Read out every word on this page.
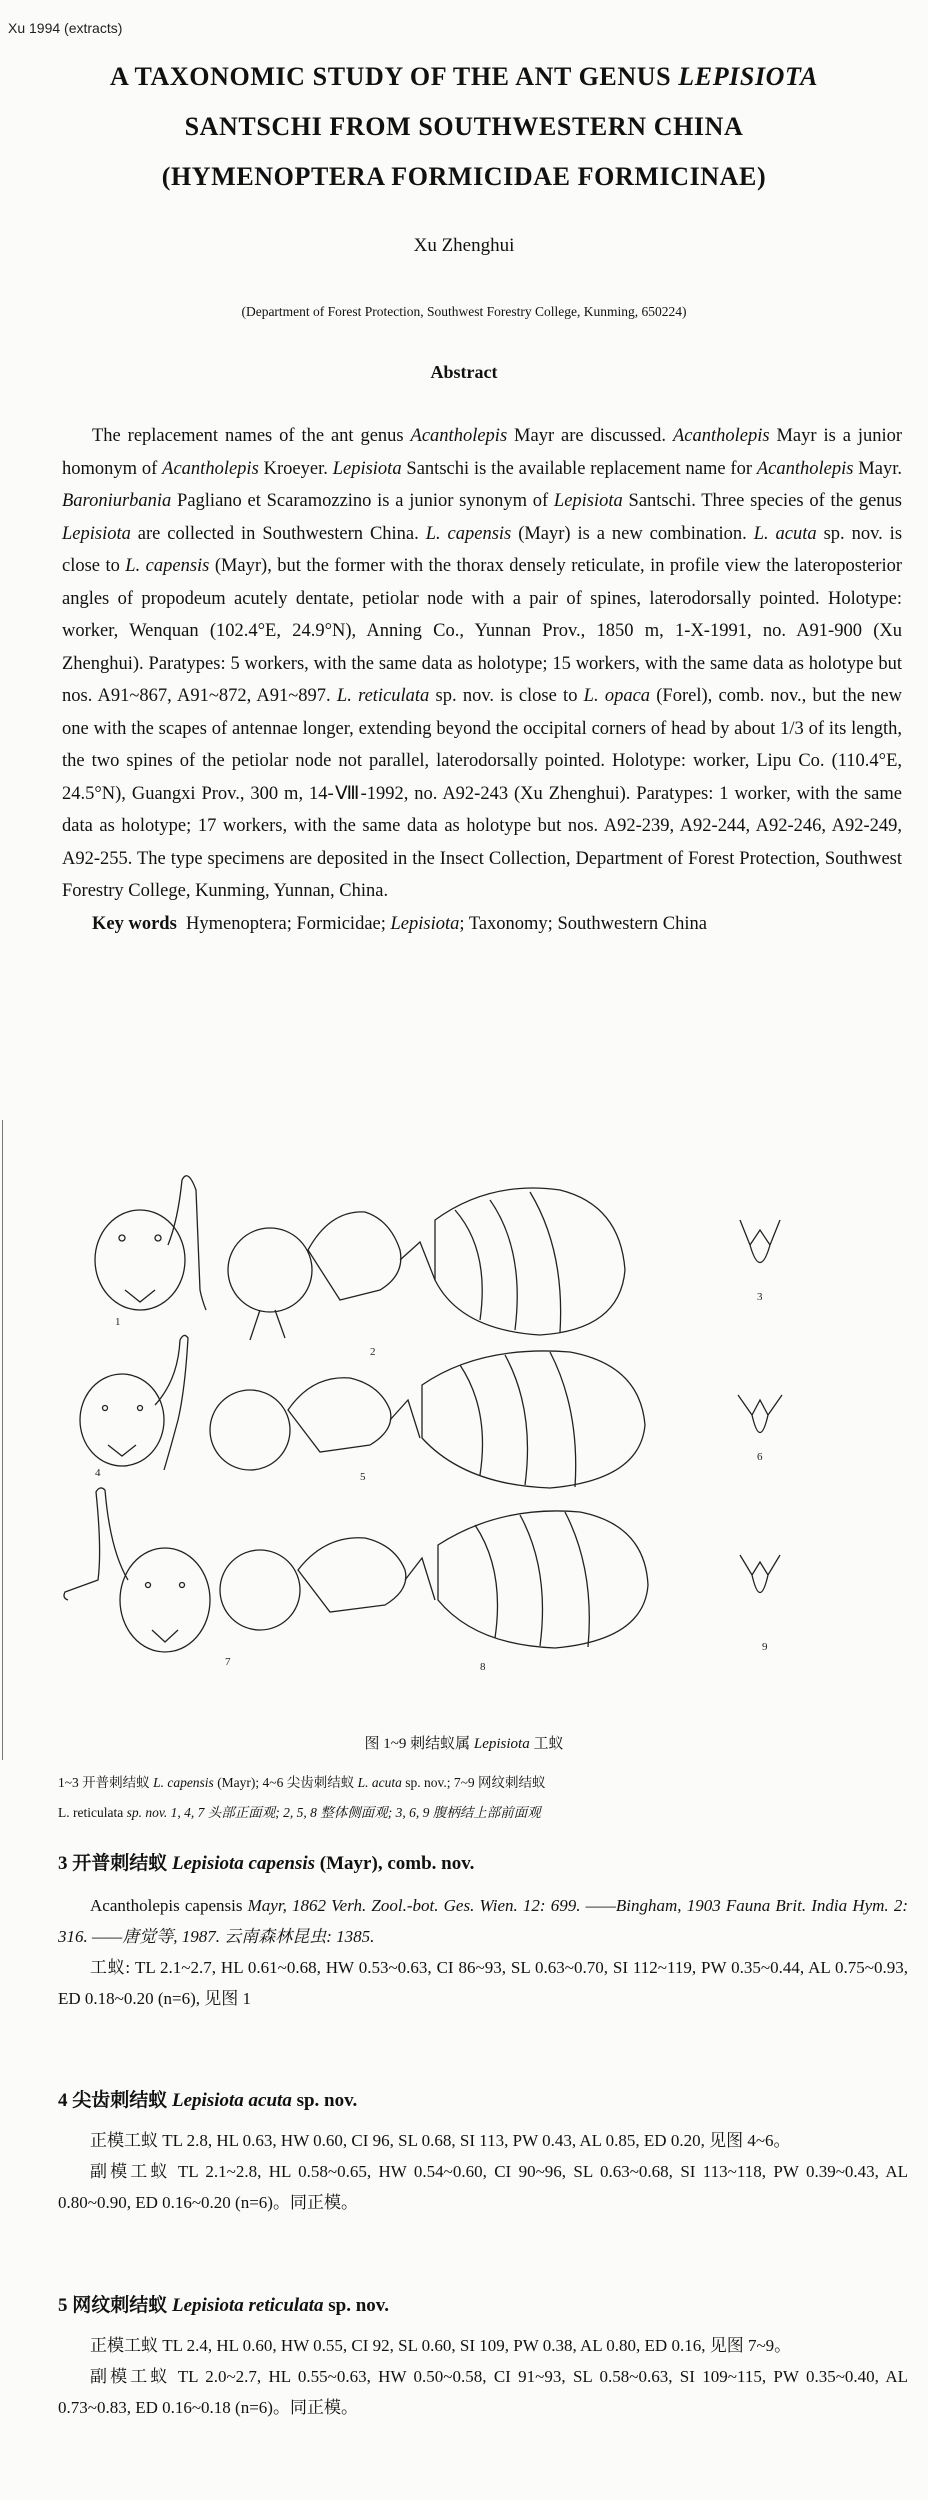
Xu 1994 (extracts)
A TAXONOMIC STUDY OF THE ANT GENUS LEPISIOTA
SANTSCHI FROM SOUTHWESTERN CHINA
(HYMENOPTERA FORMICIDAE FORMICINAE)
Xu Zhenghui
(Department of Forest Protection, Southwest Forestry College, Kunming, 650224)
Abstract

The replacement names of the ant genus Acantholepis Mayr are discussed. Acantholepis Mayr is a junior homonym of Acantholepis Kroeyer. Lepisiota Santschi is the available replacement name for Acantholepis Mayr. Baroniurbania Pagliano et Scaramozzino is a junior synonym of Lepisiota Santschi. Three species of the genus Lepisiota are collected in Southwestern China. L. capensis (Mayr) is a new combination. L. acuta sp. nov. is close to L. capensis (Mayr), but the former with the thorax densely reticulate, in profile view the lateroposterior angles of propodeum acutely dentate, petiolar node with a pair of spines, laterodorsally pointed. Holotype: worker, Wenquan (102.4°E, 24.9°N), Anning Co., Yunnan Prov., 1850 m, 1-X-1991, no. A91-900 (Xu Zhenghui). Paratypes: 5 workers, with the same data as holotype; 15 workers, with the same data as holotype but nos. A91~867, A91~872, A91~897. L. reticulata sp. nov. is close to L. opaca (Forel), comb. nov., but the new one with the scapes of antennae longer, extending beyond the occipital corners of head by about 1/3 of its length, the two spines of the petiolar node not parallel, laterodorsally pointed. Holotype: worker, Lipu Co. (110.4°E, 24.5°N), Guangxi Prov., 300 m, 14-Ⅷ-1992, no. A92-243 (Xu Zhenghui). Paratypes: 1 worker, with the same data as holotype; 17 workers, with the same data as holotype but nos. A92-239, A92-244, A92-246, A92-249, A92-255. The type specimens are deposited in the Insect Collection, Department of Forest Protection, Southwest Forestry College, Kunming, Yunnan, China.

Key words Hymenoptera; Formicidae; Lepisiota; Taxonomy; Southwestern China

1
2
3
4	5
6
7	8
9
图 1~9 刺结蚁属 Lepisiota 工蚁
1~3 开普刺结蚁 L. capensis (Mayr); 4~6 尖齿刺结蚁 L. acuta sp. nov.; 7~9 网纹刺结蚁
L. reticulata sp. nov. 1, 4, 7 头部正面观; 2, 5, 8 整体侧面观; 3, 6, 9 腹柄结上部前面观
3 开普刺结蚁 Lepisiota capensis (Mayr), comb. nov.

Acantholepis capensis Mayr, 1862 Verh. Zool.-bot. Ges. Wien. 12: 699. ——Bingham, 1903 Fauna Brit. India Hym. 2: 316. ——唐觉等, 1987. 云南森林昆虫: 1385.

工蚁: TL 2.1~2.7, HL 0.61~0.68, HW 0.53~0.63, CI 86~93, SL 0.63~0.70, SI 112~119, PW 0.35~0.44, AL 0.75~0.93, ED 0.18~0.20 (n=6), 见图 1

4 尖齿刺结蚁 Lepisiota acuta sp. nov.

正模工蚁 TL 2.8, HL 0.63, HW 0.60, CI 96, SL 0.68, SI 113, PW 0.43, AL 0.85, ED 0.20, 见图 4~6。

副模工蚁 TL 2.1~2.8, HL 0.58~0.65, HW 0.54~0.60, CI 90~96, SL 0.63~0.68, SI 113~118, PW 0.39~0.43, AL 0.80~0.90, ED 0.16~0.20 (n=6)。同正模。

5 网纹刺结蚁 Lepisiota reticulata sp. nov.

正模工蚁 TL 2.4, HL 0.60, HW 0.55, CI 92, SL 0.60, SI 109, PW 0.38, AL 0.80, ED 0.16, 见图 7~9。

副模工蚁 TL 2.0~2.7, HL 0.55~0.63, HW 0.50~0.58, CI 91~93, SL 0.58~0.63, SI 109~115, PW 0.35~0.40, AL 0.73~0.83, ED 0.16~0.18 (n=6)。同正模。
